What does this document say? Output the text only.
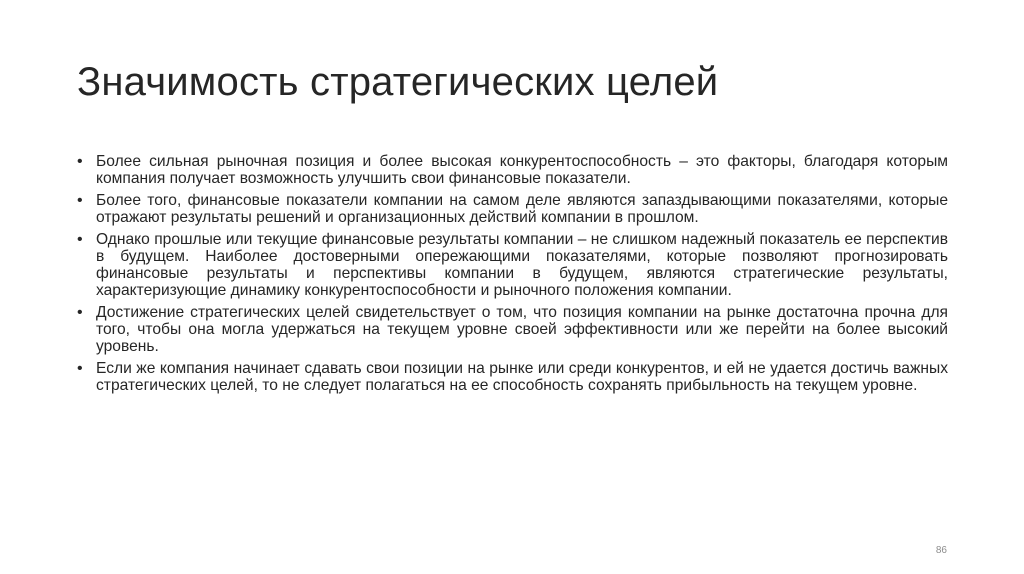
Значимость стратегических целей
• Более сильная рыночная позиция и более высокая конкурентоспособность – это факторы, благодаря которым компания получает возможность улучшить свои финансовые показатели.
• Более того, финансовые показатели компании на самом деле являются запаздывающими показателями, которые отражают результаты решений и организационных действий компании в прошлом.
• Однако прошлые или текущие финансовые результаты компании – не слишком надежный показатель ее перспектив в будущем. Наиболее достоверными опережающими показателями, которые позволяют прогнозировать финансовые результаты и перспективы компании в будущем, являются стратегические результаты, характеризующие динамику конкурентоспособности и рыночного положения компании.
• Достижение стратегических целей свидетельствует о том, что позиция компании на рынке достаточна прочна для того, чтобы она могла удержаться на текущем уровне своей эффективности или же перейти на более высокий уровень.
• Если же компания начинает сдавать свои позиции на рынке или среди конкурентов, и ей не удается достичь важных стратегических целей, то не следует полагаться на ее способность сохранять прибыльность на текущем уровне.
86
